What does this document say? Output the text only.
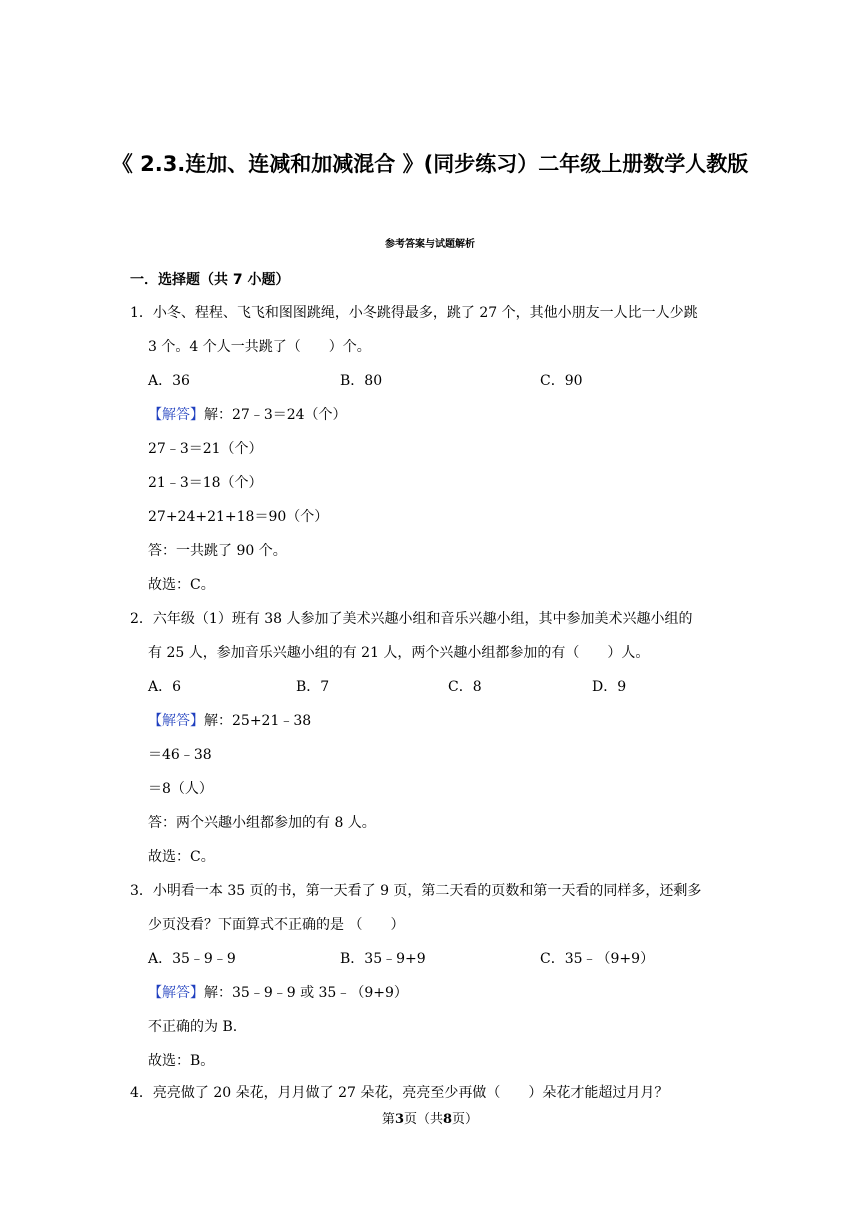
《 2.3.连加、连减和加减混合 》(同步练习）二年级上册数学人教版
参考答案与试题解析
一．选择题（共 7 小题）
1．小冬、程程、飞飞和图图跳绳，小冬跳得最多，跳了 27 个，其他小朋友一人比一人少跳
3 个。4 个人一共跳了（　　）个。
A．36	B．80	C．90
【解答】解：27﹣3＝24（个）
27﹣3＝21（个）
21﹣3＝18（个）
27+24+21+18＝90（个）
答：一共跳了 90 个。
故选：C。
2．六年级（1）班有 38 人参加了美术兴趣小组和音乐兴趣小组，其中参加美术兴趣小组的
有 25 人，参加音乐兴趣小组的有 21 人，两个兴趣小组都参加的有（　　）人。
A．6	B．7	C．8	D．9
【解答】解：25+21﹣38
＝46﹣38
＝8（人）
答：两个兴趣小组都参加的有 8 人。
故选：C。
3．小明看一本 35 页的书，第一天看了 9 页，第二天看的页数和第一天看的同样多，还剩多
少页没看？下面算式不正确的是 （　　）
A．35﹣9﹣9	B．35﹣9+9	C．35﹣（9+9）
【解答】解：35﹣9﹣9 或 35﹣（9+9）
不正确的为 B.
故选：B。
4．亮亮做了 20 朵花，月月做了 27 朵花，亮亮至少再做（　　）朵花才能超过月月？
第3页（共8页）
